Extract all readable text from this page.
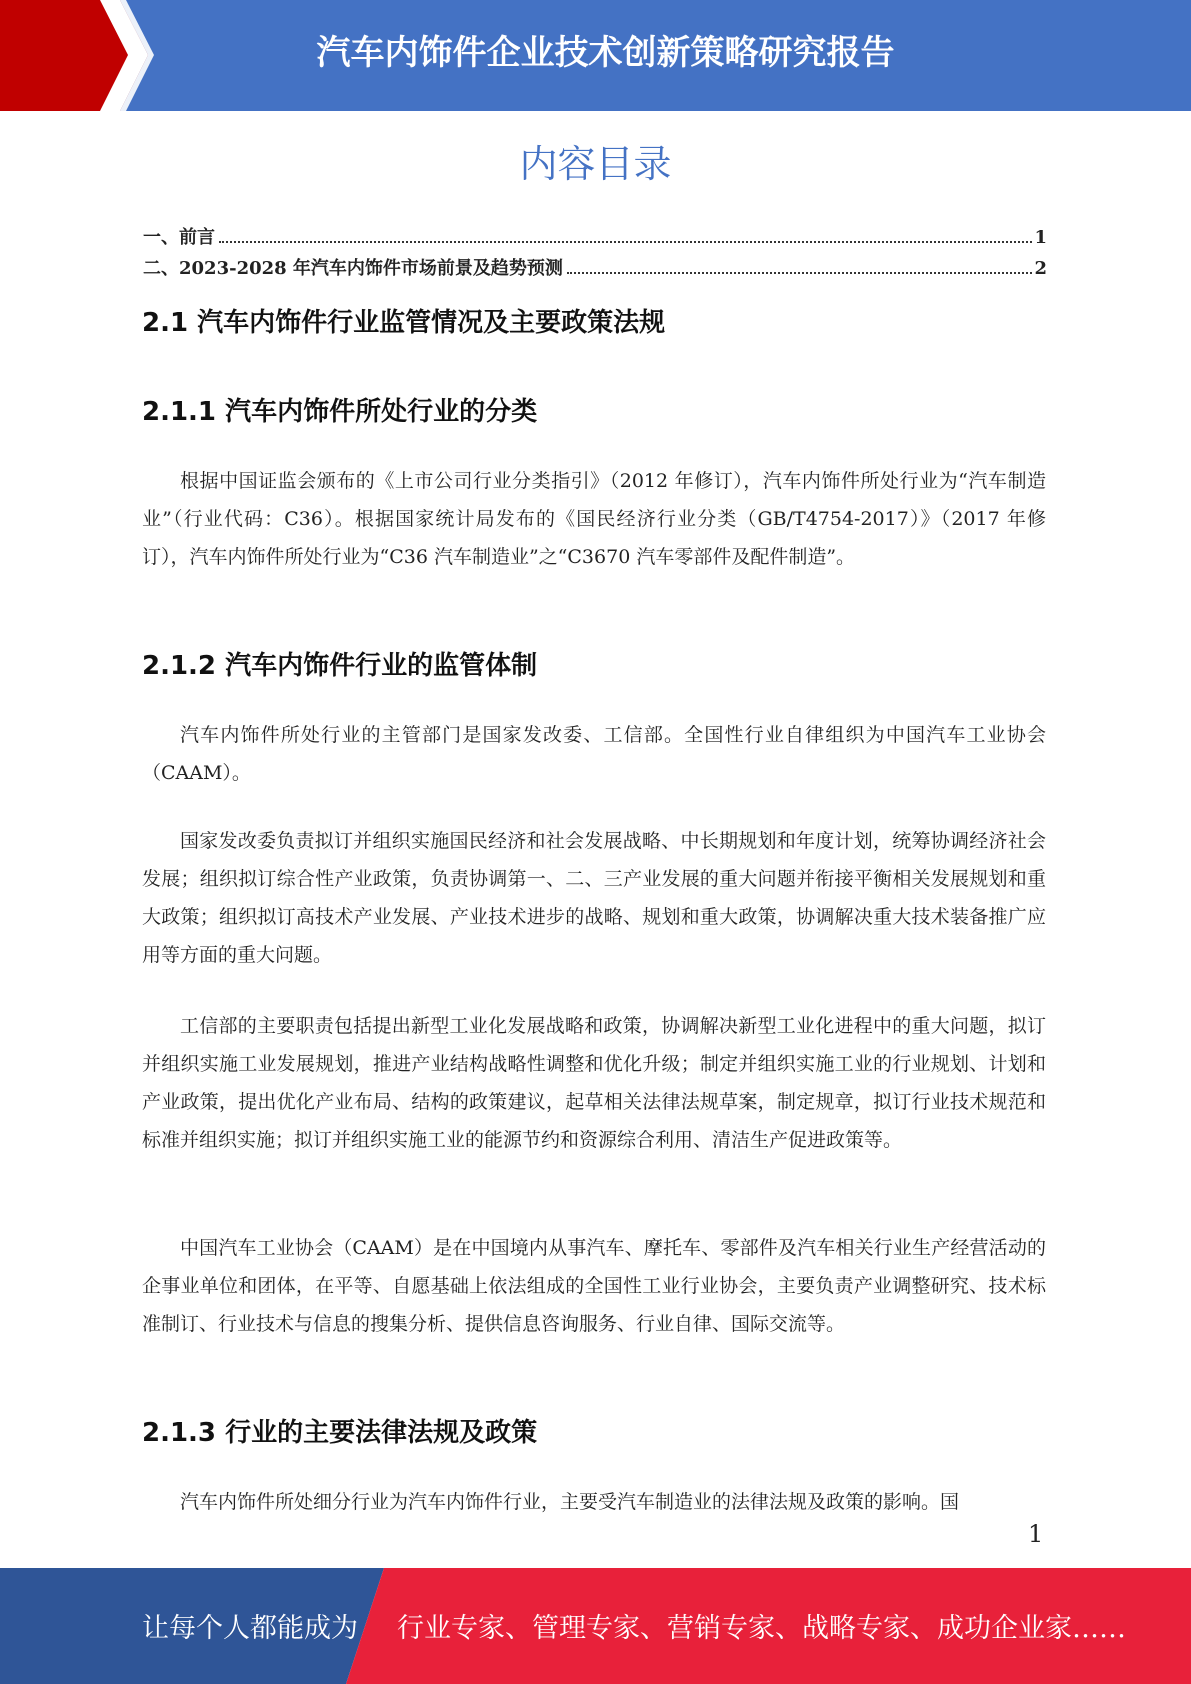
汽车内饰件企业技术创新策略研究报告
内容目录
一、前言	1
二、2023-2028 年汽车内饰件市场前景及趋势预测	2
2.1 汽车内饰件行业监管情况及主要政策法规
2.1.1 汽车内饰件所处行业的分类
根据中国证监会颁布的《上市公司行业分类指引》（2012 年修订），汽车内饰件所处行业为“汽车制造业”（行业代码：C36）。根据国家统计局发布的《国民经济行业分类（GB/T4754-2017）》（2017 年修订），汽车内饰件所处行业为“C36 汽车制造业”之“C3670 汽车零部件及配件制造”。
2.1.2 汽车内饰件行业的监管体制
汽车内饰件所处行业的主管部门是国家发改委、工信部。全国性行业自律组织为中国汽车工业协会（CAAM）。
国家发改委负责拟订并组织实施国民经济和社会发展战略、中长期规划和年度计划，统筹协调经济社会发展；组织拟订综合性产业政策，负责协调第一、二、三产业发展的重大问题并衔接平衡相关发展规划和重大政策；组织拟订高技术产业发展、产业技术进步的战略、规划和重大政策，协调解决重大技术装备推广应用等方面的重大问题。
工信部的主要职责包括提出新型工业化发展战略和政策，协调解决新型工业化进程中的重大问题，拟订并组织实施工业发展规划，推进产业结构战略性调整和优化升级；制定并组织实施工业的行业规划、计划和产业政策，提出优化产业布局、结构的政策建议，起草相关法律法规草案，制定规章，拟订行业技术规范和标准并组织实施；拟订并组织实施工业的能源节约和资源综合利用、清洁生产促进政策等。
中国汽车工业协会（CAAM）是在中国境内从事汽车、摩托车、零部件及汽车相关行业生产经营活动的企事业单位和团体，在平等、自愿基础上依法组成的全国性工业行业协会，主要负责产业调整研究、技术标准制订、行业技术与信息的搜集分析、提供信息咨询服务、行业自律、国际交流等。
2.1.3 行业的主要法律法规及政策
汽车内饰件所处细分行业为汽车内饰件行业，主要受汽车制造业的法律法规及政策的影响。国
1
让每个人都能成为 行业专家、管理专家、营销专家、战略专家、成功企业家……
